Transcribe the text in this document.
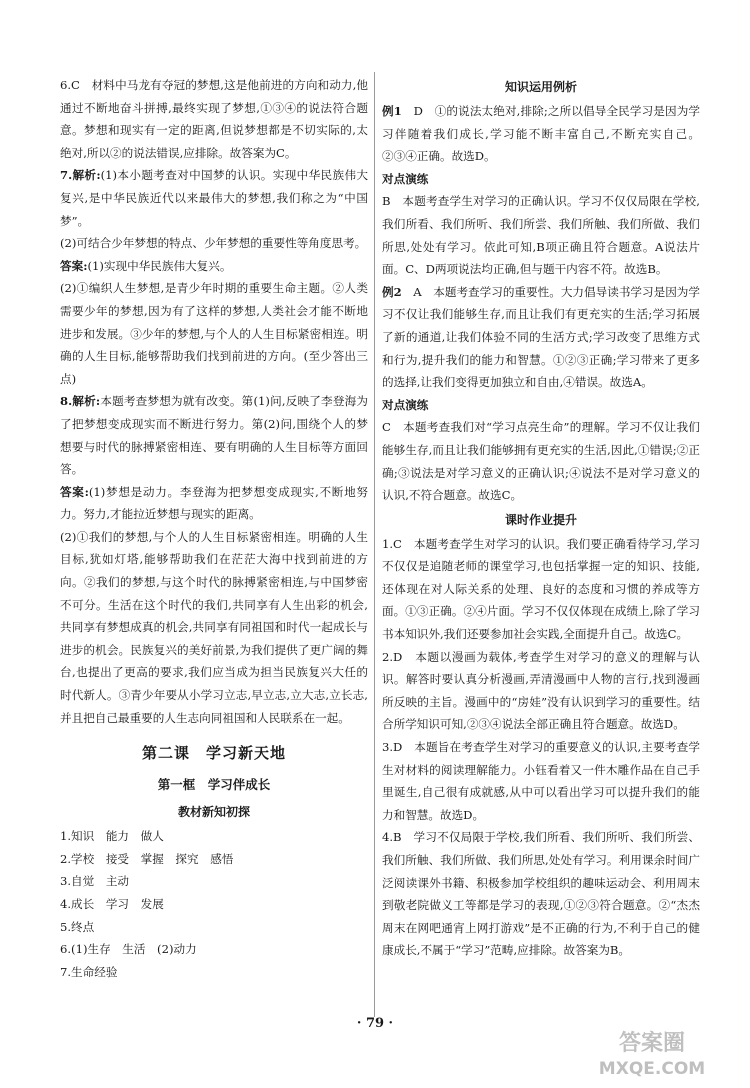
6.C　材料中马龙有夺冠的梦想,这是他前进的方向和动力,他通过不断地奋斗拼搏,最终实现了梦想,①③④的说法符合题意。梦想和现实有一定的距离,但说梦想都是不切实际的,太绝对,所以②的说法错误,应排除。故答案为C。

7.解析:(1)本小题考查对中国梦的认识。实现中华民族伟大复兴,是中华民族近代以来最伟大的梦想,我们称之为“中国梦”。

(2)可结合少年梦想的特点、少年梦想的重要性等角度思考。

答案:(1)实现中华民族伟大复兴。

(2)①编织人生梦想,是青少年时期的重要生命主题。②人类需要少年的梦想,因为有了这样的梦想,人类社会才能不断地进步和发展。③少年的梦想,与个人的人生目标紧密相连。明确的人生目标,能够帮助我们找到前进的方向。(至少答出三点)

8.解析:本题考查梦想为就有改变。第(1)问,反映了李登海为了把梦想变成现实而不断进行努力。第(2)问,围绕个人的梦想要与时代的脉搏紧密相连、要有明确的人生目标等方面回答。

答案:(1)梦想是动力。李登海为把梦想变成现实,不断地努力。努力,才能拉近梦想与现实的距离。

(2)①我们的梦想,与个人的人生目标紧密相连。明确的人生目标,犹如灯塔,能够帮助我们在茫茫大海中找到前进的方向。②我们的梦想,与这个时代的脉搏紧密相连,与中国梦密不可分。生活在这个时代的我们,共同享有人生出彩的机会,共同享有梦想成真的机会,共同享有同祖国和时代一起成长与进步的机会。民族复兴的美好前景,为我们提供了更广阔的舞台,也提出了更高的要求,我们应当成为担当民族复兴大任的时代新人。③青少年要从小学习立志,早立志,立大志,立长志,并且把自己最重要的人生志向同祖国和人民联系在一起。

第二课　学习新天地
第一框　学习伴成长
教材新知初探

1.知识　能力　做人

2.学校　接受　掌握　探究　感悟

3.自觉　主动

4.成长　学习　发展

5.终点

6.(1)生存　生活　(2)动力

7.生命经验

知识运用例析

例1　D　①的说法太绝对,排除;之所以倡导全民学习是因为学习伴随着我们成长,学习能不断丰富自己,不断充实自己。②③④正确。故选D。

对点演练

B　本题考查学生对学习的正确认识。学习不仅仅局限在学校,我们所看、我们所听、我们所尝、我们所触、我们所做、我们所思,处处有学习。依此可知,B项正确且符合题意。A说法片面。C、D两项说法均正确,但与题干内容不符。故选B。

例2　A　本题考查学习的重要性。大力倡导读书学习是因为学习不仅让我们能够生存,而且让我们有更充实的生活;学习拓展了新的通道,让我们体验不同的生活方式;学习改变了思维方式和行为,提升我们的能力和智慧。①②③正确;学习带来了更多的选择,让我们变得更加独立和自由,④错误。故选A。

对点演练

C　本题考查我们对“学习点亮生命”的理解。学习不仅让我们能够生存,而且让我们能够拥有更充实的生活,因此,①错误;②正确;③说法是对学习意义的正确认识;④说法不是对学习意义的认识,不符合题意。故选C。

课时作业提升

1.C　本题考查学生对学习的认识。我们要正确看待学习,学习不仅仅是追随老师的课堂学习,也包括掌握一定的知识、技能,还体现在对人际关系的处理、良好的态度和习惯的养成等方面。①③正确。②④片面。学习不仅仅体现在成绩上,除了学习书本知识外,我们还要参加社会实践,全面提升自己。故选C。

2.D　本题以漫画为载体,考查学生对学习的意义的理解与认识。解答时要认真分析漫画,弄清漫画中人物的言行,找到漫画所反映的主旨。漫画中的“房娃”没有认识到学习的重要性。结合所学知识可知,②③④说法全部正确且符合题意。故选D。

3.D　本题旨在考查学生对学习的重要意义的认识,主要考查学生对材料的阅读理解能力。小钰看着又一件木雕作品在自己手里诞生,自己很有成就感,从中可以看出学习可以提升我们的能力和智慧。故选D。

4.B　学习不仅局限于学校,我们所看、我们所听、我们所尝、我们所触、我们所做、我们所思,处处有学习。利用课余时间广泛阅读课外书籍、积极参加学校组织的趣味运动会、利用周末到敬老院做义工等都是学习的表现,①②③符合题意。②“杰杰周末在网吧通宵上网打游戏”是不正确的行为,不利于自己的健康成长,不属于“学习”范畴,应排除。故答案为B。

· 79 ·
答案圈
MXQE.COM
